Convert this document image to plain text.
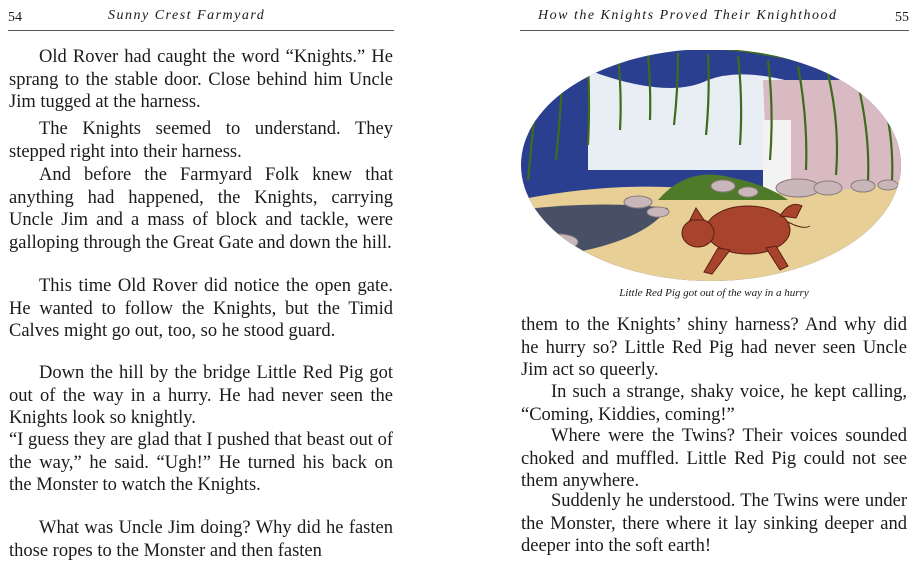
54	Sunny Crest Farmyard

Old Rover had caught the word “Knights.” He sprang to the stable door. Close behind him Uncle Jim tugged at the harness.

The Knights seemed to understand. They stepped right into their harness.

And before the Farmyard Folk knew that anything had happened, the Knights, carrying Uncle Jim and a mass of block and tackle, were galloping through the Great Gate and down the hill.

This time Old Rover did notice the open gate. He wanted to follow the Knights, but the Timid Calves might go out, too, so he stood guard.

Down the hill by the bridge Little Red Pig got out of the way in a hurry. He had never seen the Knights look so knightly.

“I guess they are glad that I pushed that beast out of the way,” he said. “Ugh!” He turned his back on the Monster to watch the Knights.

What was Uncle Jim doing? Why did he fasten those ropes to the Monster and then fasten

How the Knights Proved Their Knighthood	55
Little Red Pig got out of the way in a hurry

them to the Knights’ shiny harness? And why did he hurry so? Little Red Pig had never seen Uncle Jim act so queerly.

In such a strange, shaky voice, he kept calling, “Coming, Kiddies, coming!”

Where were the Twins? Their voices sounded choked and muffled. Little Red Pig could not see them anywhere.

Suddenly he understood. The Twins were under the Monster, there where it lay sinking deeper and deeper into the soft earth!
